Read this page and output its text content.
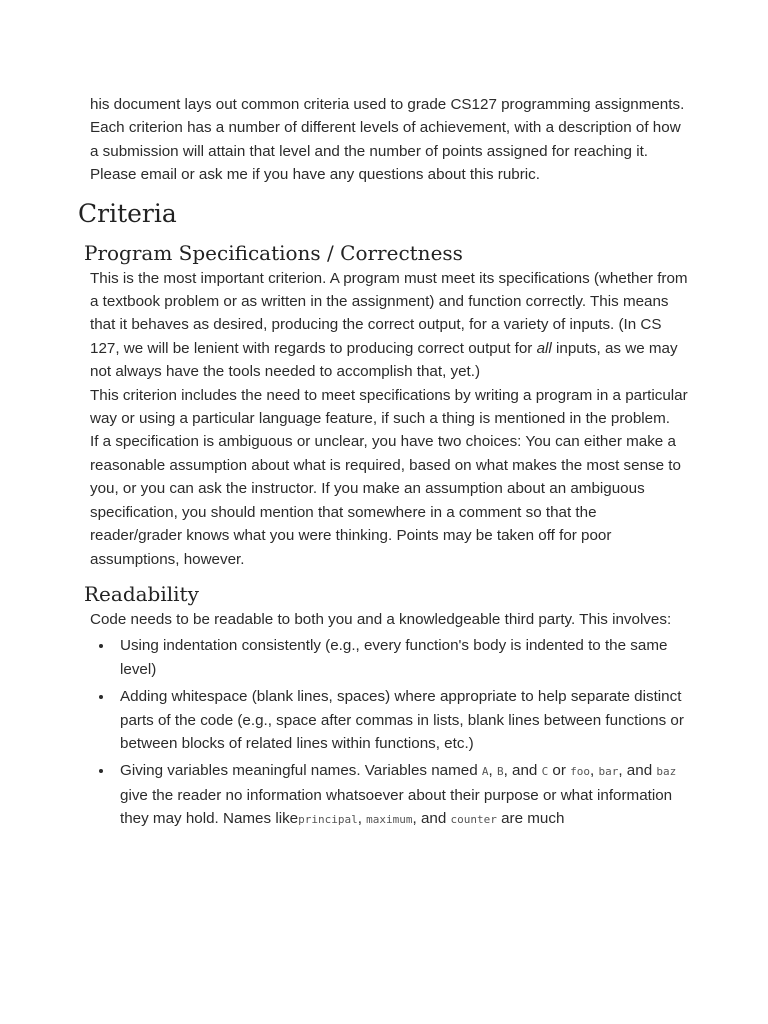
his document lays out common criteria used to grade CS127 programming assignments. Each criterion has a number of different levels of achievement, with a description of how a submission will attain that level and the number of points assigned for reaching it. Please email or ask me if you have any questions about this rubric.

Criteria
Program Specifications / Correctness

This is the most important criterion. A program must meet its specifications (whether from a textbook problem or as written in the assignment) and function correctly. This means that it behaves as desired, producing the correct output, for a variety of inputs. (In CS 127, we will be lenient with regards to producing correct output for all inputs, as we may not always have the tools needed to accomplish that, yet.)

This criterion includes the need to meet specifications by writing a program in a particular way or using a particular language feature, if such a thing is mentioned in the problem.

If a specification is ambiguous or unclear, you have two choices: You can either make a reasonable assumption about what is required, based on what makes the most sense to you, or you can ask the instructor. If you make an assumption about an ambiguous specification, you should mention that somewhere in a comment so that the reader/grader knows what you were thinking. Points may be taken off for poor assumptions, however.

Readability

Code needs to be readable to both you and a knowledgeable third party. This involves:

Using indentation consistently (e.g., every function's body is indented to the same level)
Adding whitespace (blank lines, spaces) where appropriate to help separate distinct parts of the code (e.g., space after commas in lists, blank lines between functions or between blocks of related lines within functions, etc.)
Giving variables meaningful names. Variables named A, B, and C or foo, bar, and baz give the reader no information whatsoever about their purpose or what information they may hold. Names likeprincipal, maximum, and counter are much
